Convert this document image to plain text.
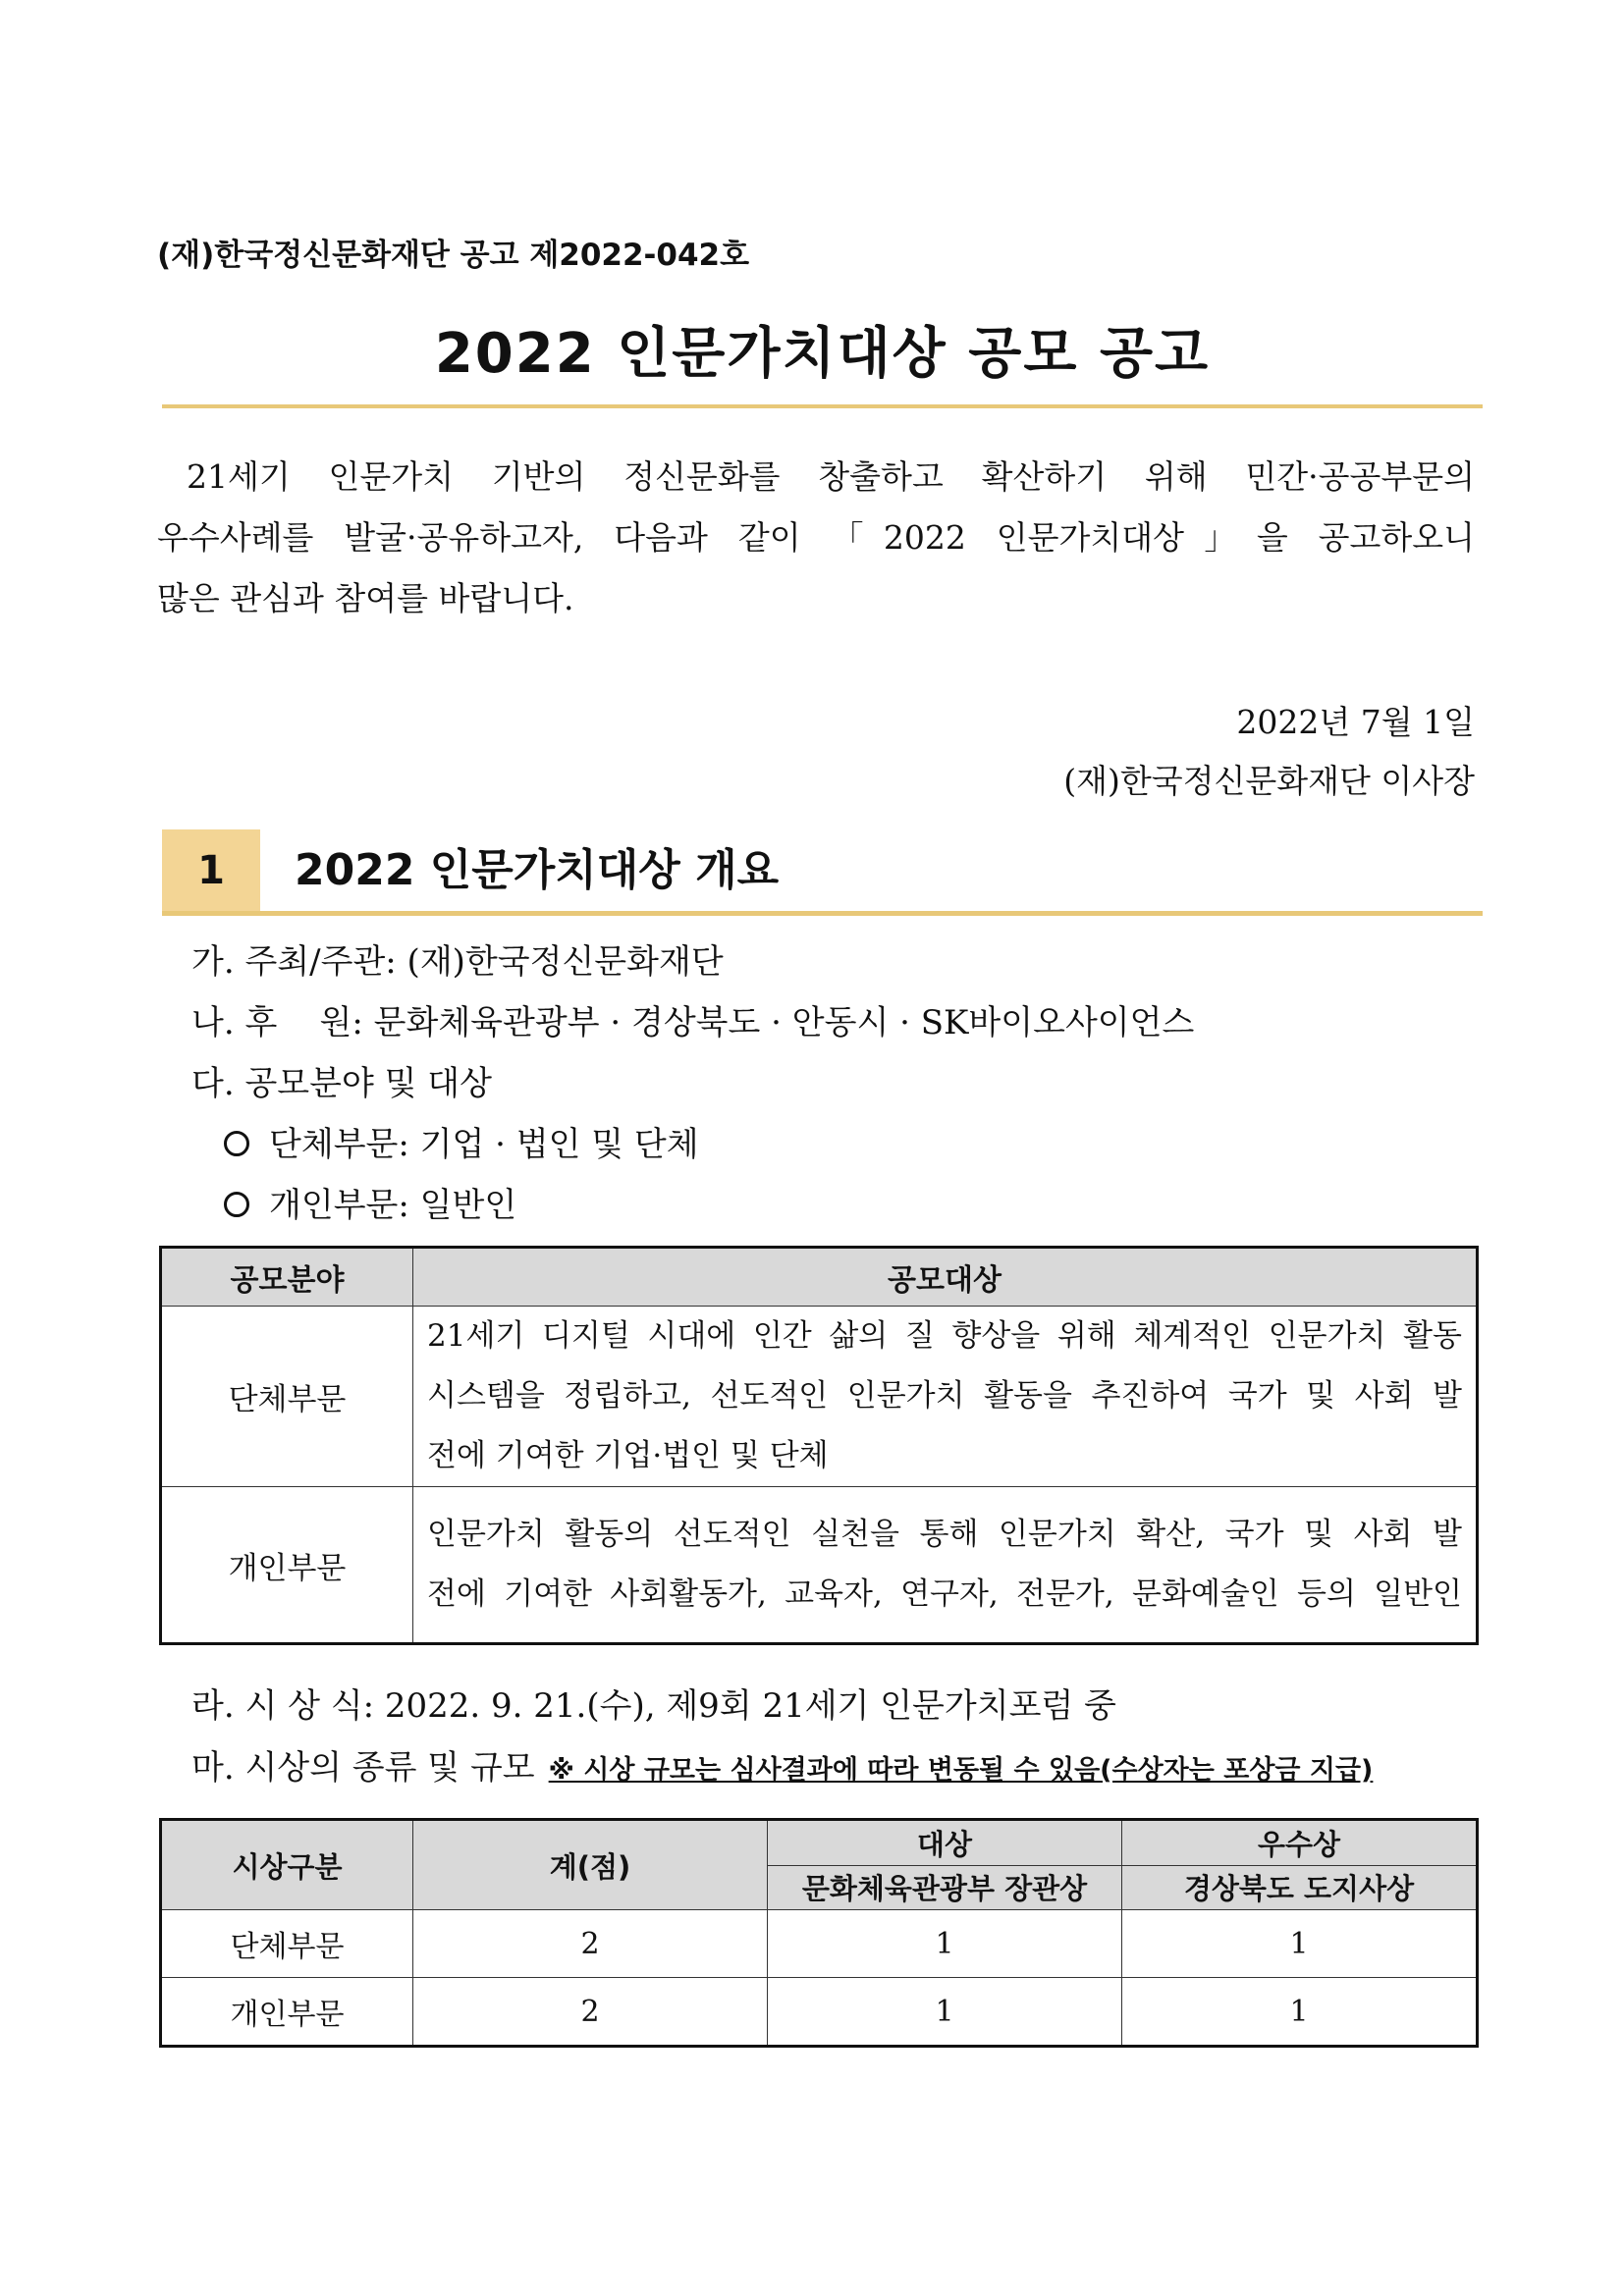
(재)한국정신문화재단 공고 제2022-042호
2022 인문가치대상 공모 공고
21세기 인문가치 기반의 정신문화를 창출하고 확산하기 위해 민간·공공부문의
우수사례를 발굴·공유하고자, 다음과 같이 「2022 인문가치대상」을 공고하오니
많은 관심과 참여를 바랍니다.
2022년 7월 1일
(재)한국정신문화재단 이사장
1	2022 인문가치대상 개요
가. 주최/주관: (재)한국정신문화재단
나. 후    원: 문화체육관광부 · 경상북도 · 안동시 · SK바이오사이언스
다. 공모분야 및 대상
단체부문: 기업 · 법인 및 단체
개인부문: 일반인
공모분야	공모대상
단체부문	21세기 디지털 시대에 인간 삶의 질 향상을 위해 체계적인 인문가치 활동
시스템을 정립하고, 선도적인 인문가치 활동을 추진하여 국가 및 사회 발
전에 기여한 기업·법인 및 단체

개인부문	인문가치 활동의 선도적인 실천을 통해 인문가치 확산, 국가 및 사회 발
전에 기여한 사회활동가, 교육자, 연구자, 전문가, 문화예술인 등의 일반인
라. 시 상 식: 2022. 9. 21.(수), 제9회 21세기 인문가치포럼 중
마. 시상의 종류 및 규모 ※ 시상 규모는 심사결과에 따라 변동될 수 있음(수상자는 포상금 지급)
시상구분	계(점)	대상	우수상
		문화체육관광부 장관상	경상북도 도지사상
단체부문	2	1	1
개인부문	2	1	1
